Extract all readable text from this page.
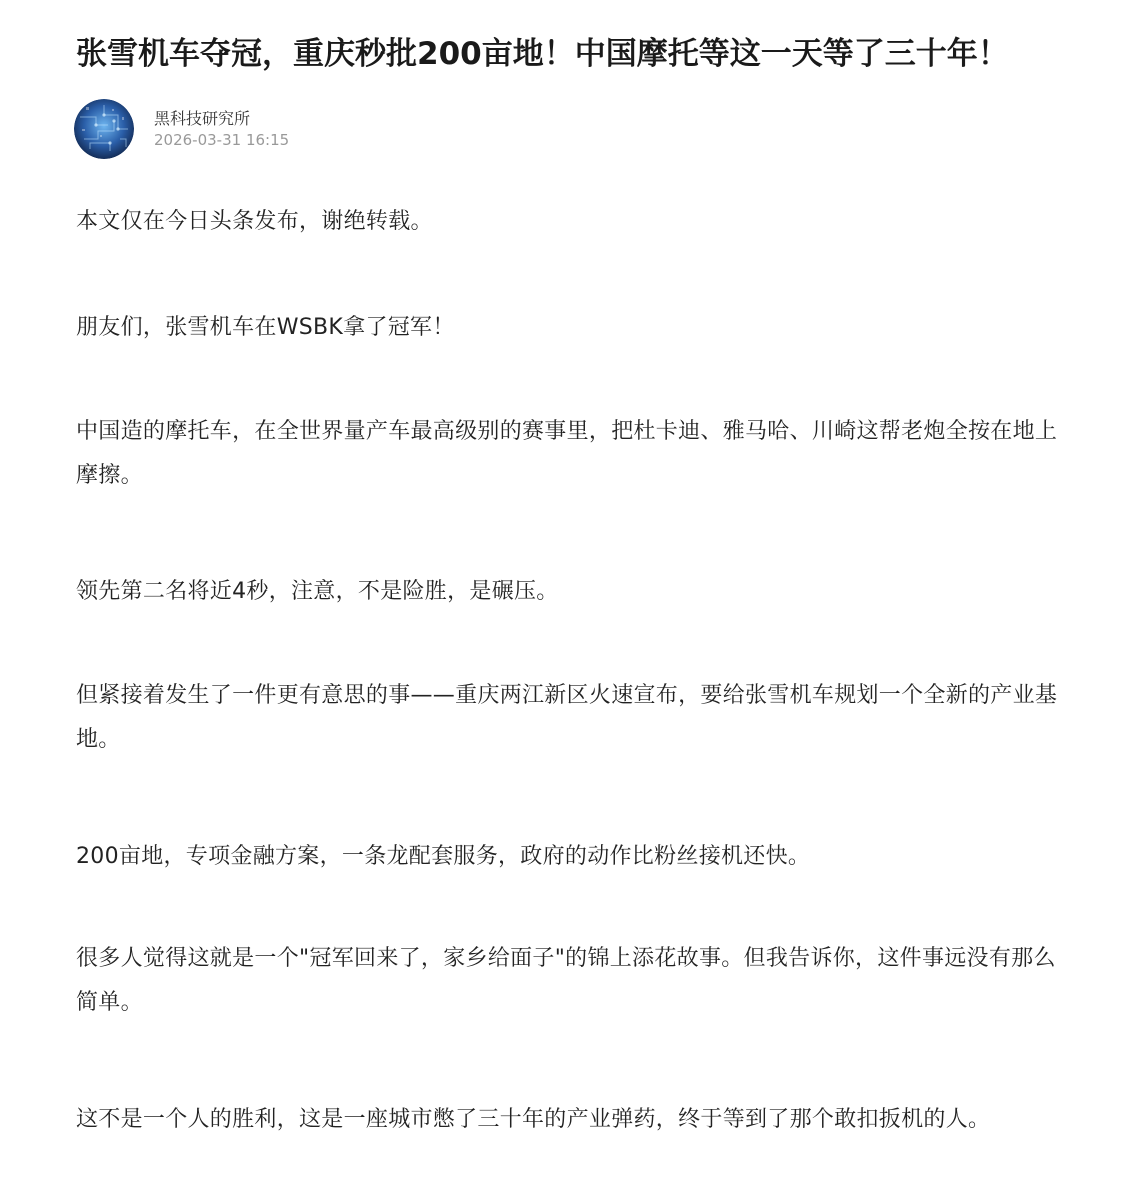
张雪机车夺冠，重庆秒批200亩地！中国摩托等这一天等了三十年！
黑科技研究所
2026-03-31 16:15

本文仅在今日头条发布，谢绝转载。

朋友们，张雪机车在WSBK拿了冠军！

中国造的摩托车，在全世界量产车最高级别的赛事里，把杜卡迪、雅马哈、川崎这帮老炮全按在地上摩擦。

领先第二名将近4秒，注意，不是险胜，是碾压。

但紧接着发生了一件更有意思的事——重庆两江新区火速宣布，要给张雪机车规划一个全新的产业基地。

200亩地，专项金融方案，一条龙配套服务，政府的动作比粉丝接机还快。

很多人觉得这就是一个"冠军回来了，家乡给面子"的锦上添花故事。但我告诉你，这件事远没有那么简单。

这不是一个人的胜利，这是一座城市憋了三十年的产业弹药，终于等到了那个敢扣扳机的人。
